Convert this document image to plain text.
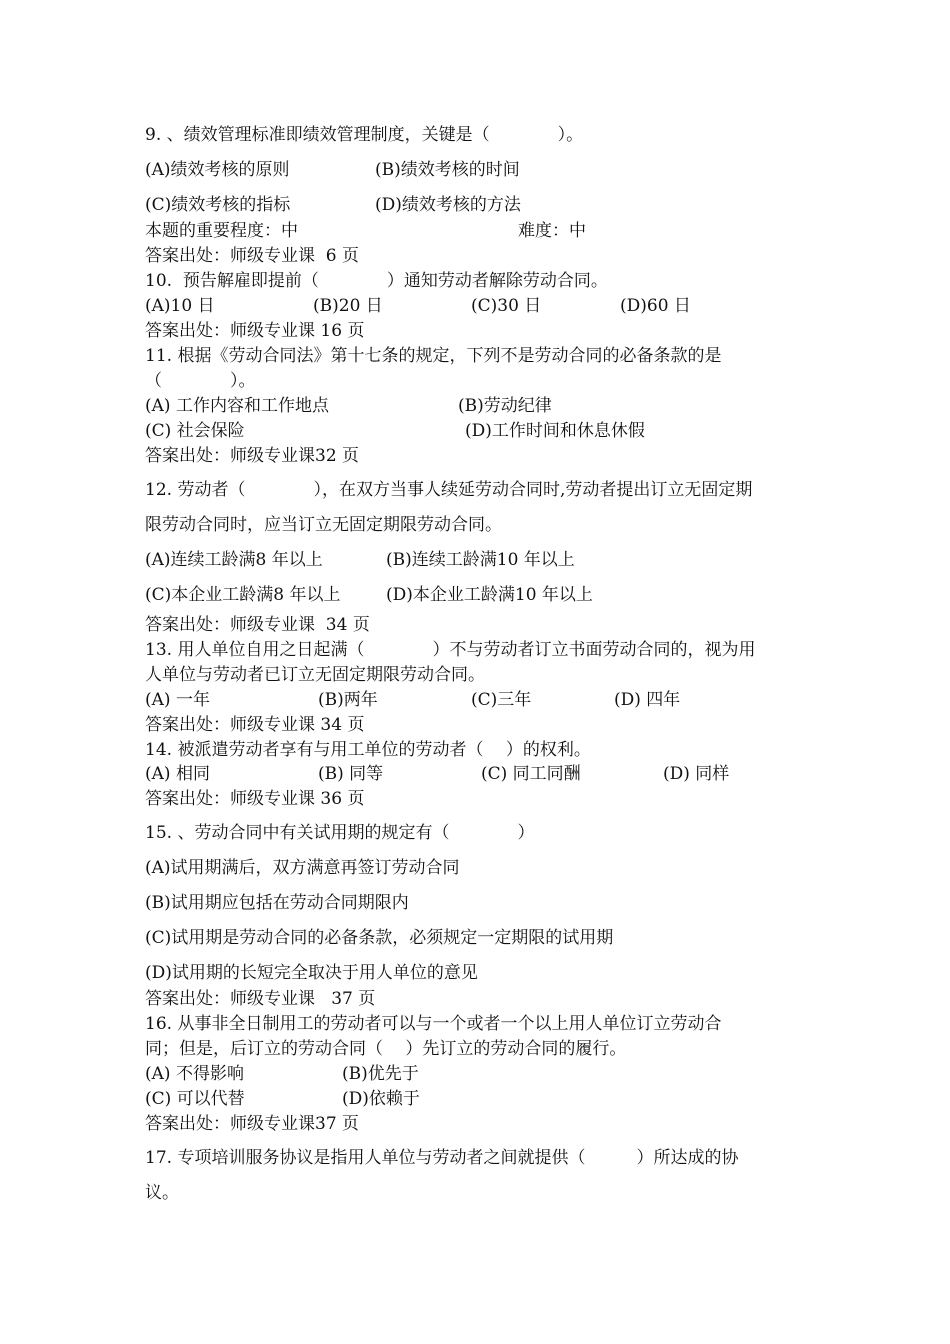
9. 、绩效管理标准即绩效管理制度，关键是（　　　　）。
(A)绩效考核的原则	(B)绩效考核的时间
(C)绩效考核的指标	(D)绩效考核的方法
本题的重要程度：中	难度：中
答案出处：师级专业课  6 页
10.  预告解雇即提前（　　　　）通知劳动者解除劳动合同。
(A)10 日	(B)20 日	(C)30 日	(D)60 日
答案出处：师级专业课 16 页
11. 根据《劳动合同法》第十七条的规定，下列不是劳动合同的必备条款的是
（　　　　）。
(A) 工作内容和工作地点	(B)劳动纪律
(C) 社会保险	(D)工作时间和休息休假
答案出处：师级专业课32 页
12. 劳动者（　　　　），在双方当事人续延劳动合同时,劳动者提出订立无固定期
限劳动合同时，应当订立无固定期限劳动合同。
(A)连续工龄满8 年以上	(B)连续工龄满10 年以上
(C)本企业工龄满8 年以上	(D)本企业工龄满10 年以上
答案出处：师级专业课  34 页
13. 用人单位自用之日起满（　　　　）不与劳动者订立书面劳动合同的，视为用
人单位与劳动者已订立无固定期限劳动合同。
(A) 一年	(B)两年	(C)三年	(D) 四年
答案出处：师级专业课 34 页
14. 被派遣劳动者享有与用工单位的劳动者（　 ）的权利。
(A) 相同	(B) 同等	(C) 同工同酬	(D) 同样
答案出处：师级专业课 36 页
15. 、劳动合同中有关试用期的规定有（　　　　）
(A)试用期满后，双方满意再签订劳动合同
(B)试用期应包括在劳动合同期限内
(C)试用期是劳动合同的必备条款，必须规定一定期限的试用期
(D)试用期的长短完全取决于用人单位的意见
答案出处：师级专业课   37 页
16. 从事非全日制用工的劳动者可以与一个或者一个以上用人单位订立劳动合
同；但是，后订立的劳动合同（　 ）先订立的劳动合同的履行。
(A) 不得影响	(B)优先于
(C) 可以代替	(D)依赖于
答案出处：师级专业课37 页
17. 专项培训服务协议是指用人单位与劳动者之间就提供（　　　）所达成的协
议。
